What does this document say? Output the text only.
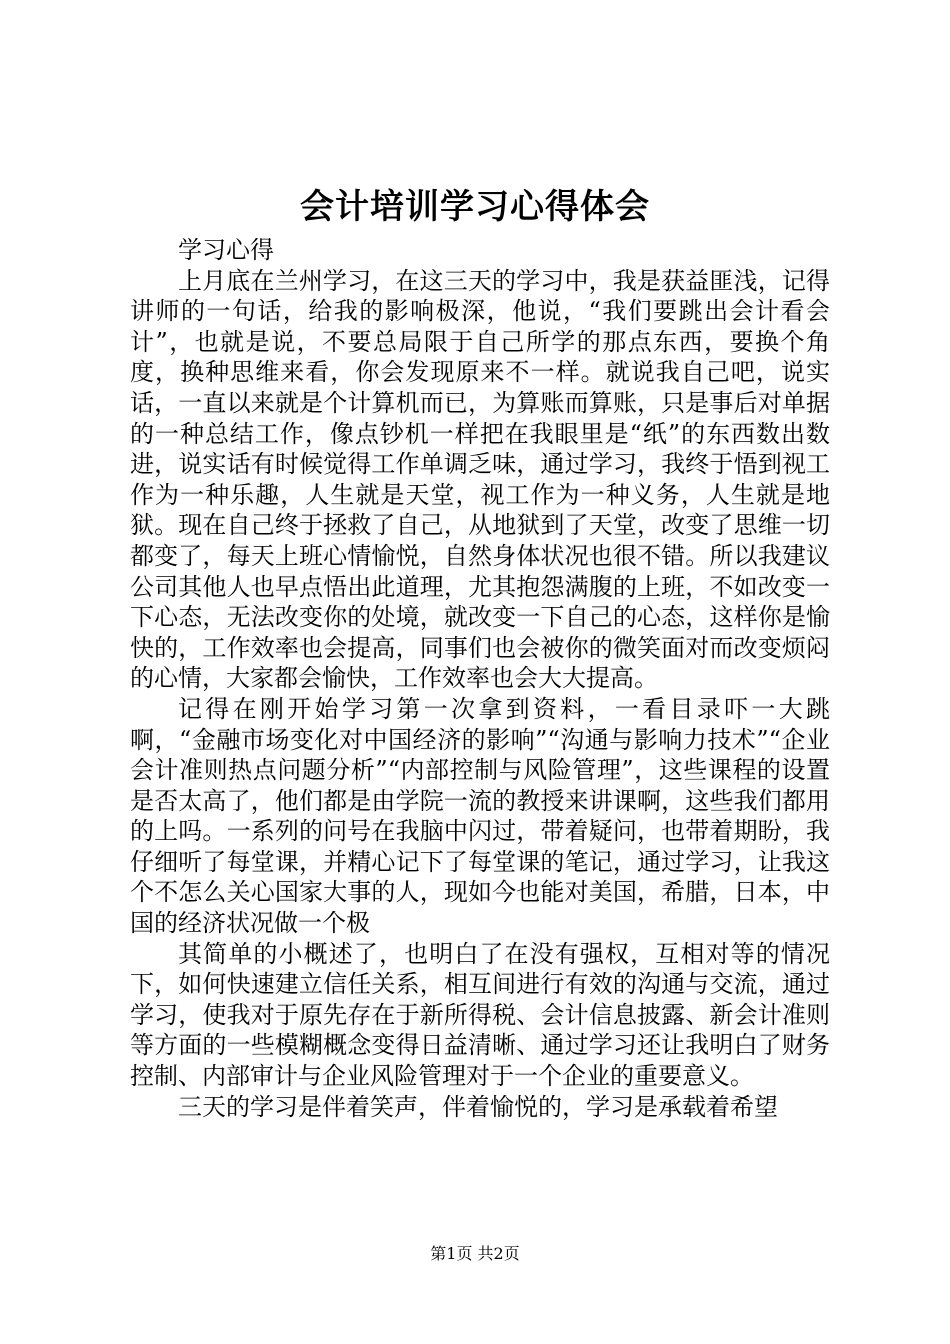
会计培训学习心得体会

学习心得

上月底在兰州学习，在这三天的学习中，我是获益匪浅，记得讲师的一句话，给我的影响极深，他说，“我们要跳出会计看会计”，也就是说，不要总局限于自己所学的那点东西，要换个角度，换种思维来看，你会发现原来不一样。就说我自己吧，说实话，一直以来就是个计算机而已，为算账而算账，只是事后对单据的一种总结工作，像点钞机一样把在我眼里是“纸”的东西数出数进，说实话有时候觉得工作单调乏味，通过学习，我终于悟到视工作为一种乐趣，人生就是天堂，视工作为一种义务，人生就是地狱。现在自己终于拯救了自己，从地狱到了天堂，改变了思维一切都变了，每天上班心情愉悦，自然身体状况也很不错。所以我建议公司其他人也早点悟出此道理，尤其抱怨满腹的上班，不如改变一下心态，无法改变你的处境，就改变一下自己的心态，这样你是愉快的，工作效率也会提高，同事们也会被你的微笑面对而改变烦闷的心情，大家都会愉快，工作效率也会大大提高。

记得在刚开始学习第一次拿到资料，一看目录吓一大跳啊，“金融市场变化对中国经济的影响”“沟通与影响力技术”“企业会计准则热点问题分析”“内部控制与风险管理”，这些课程的设置是否太高了，他们都是由学院一流的教授来讲课啊，这些我们都用的上吗。一系列的问号在我脑中闪过，带着疑问，也带着期盼，我仔细听了每堂课，并精心记下了每堂课的笔记，通过学习，让我这个不怎么关心国家大事的人，现如今也能对美国，希腊，日本，中国的经济状况做一个极

其简单的小概述了，也明白了在没有强权，互相对等的情况下，如何快速建立信任关系，相互间进行有效的沟通与交流，通过学习，使我对于原先存在于新所得税、会计信息披露、新会计准则等方面的一些模糊概念变得日益清晰、通过学习还让我明白了财务控制、内部审计与企业风险管理对于一个企业的重要意义。

三天的学习是伴着笑声，伴着愉悦的，学习是承载着希望

第1页 共2页
